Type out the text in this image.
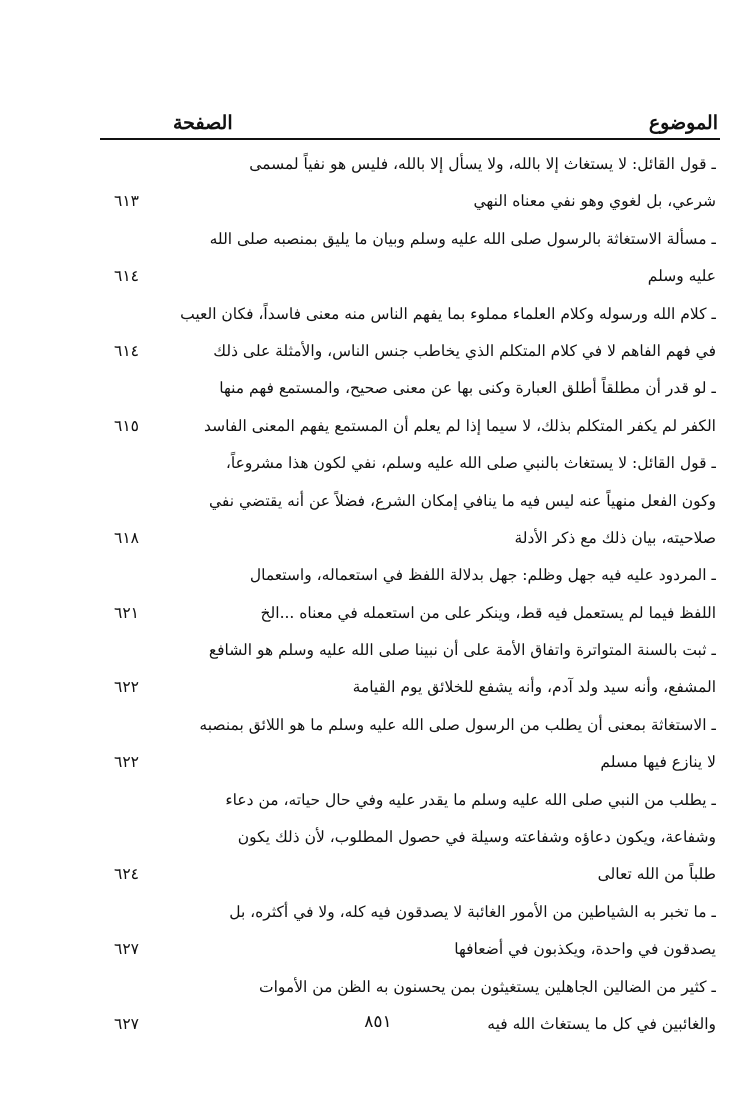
الصفحة	الموضوع
ـ قول القائل: لا يستغاث إلا بالله، ولا يسأل إلا بالله، فليس هو نفياً لمسمى
شرعي، بل لغوي وهو نفي معناه النهي
٦١٣
ـ مسألة الاستغاثة بالرسول صلى الله عليه وسلم وبيان ما يليق بمنصبه صلى الله
عليه وسلم
٦١٤
ـ كلام الله ورسوله وكلام العلماء مملوء بما يفهم الناس منه معنى فاسداً، فكان العيب
في فهم الفاهم لا في كلام المتكلم الذي يخاطب جنس الناس، والأمثلة على ذلك
٦١٤
ـ لو قدر أن مطلقاً أطلق العبارة وكنى بها عن معنى صحيح، والمستمع فهم منها
الكفر لم يكفر المتكلم بذلك، لا سيما إذا لم يعلم أن المستمع يفهم المعنى الفاسد
٦١٥
ـ قول القائل: لا يستغاث بالنبي صلى الله عليه وسلم، نفي لكون هذا مشروعاً،
وكون الفعل منهياً عنه ليس فيه ما ينافي إمكان الشرع، فضلاً عن أنه يقتضي نفي
صلاحيته، بيان ذلك مع ذكر الأدلة
٦١٨
ـ المردود عليه فيه جهل وظلم: جهل بدلالة اللفظ في استعماله، واستعمال
اللفظ فيما لم يستعمل فيه قط، وينكر على من استعمله في معناه ...الخ
٦٢١
ـ ثبت بالسنة المتواترة واتفاق الأمة على أن نبينا صلى الله عليه وسلم هو الشافع
المشفع، وأنه سيد ولد آدم، وأنه يشفع للخلائق يوم القيامة
٦٢٢
ـ الاستغاثة بمعنى أن يطلب من الرسول صلى الله عليه وسلم ما هو اللائق بمنصبه
لا ينازع فيها مسلم
٦٢٢
ـ يطلب من النبي صلى الله عليه وسلم ما يقدر عليه وفي حال حياته، من دعاء
وشفاعة، ويكون دعاؤه وشفاعته وسيلة في حصول المطلوب، لأن ذلك يكون
طلباً من الله تعالى
٦٢٤
ـ ما تخبر به الشياطين من الأمور الغائبة لا يصدقون فيه كله، ولا في أكثره، بل
يصدقون في واحدة، ويكذبون في أضعافها
٦٢٧
ـ كثير من الضالين الجاهلين يستغيثون بمن يحسنون به الظن من الأموات
والغائبين في كل ما يستغاث الله فيه
٦٢٧	٨٥١
